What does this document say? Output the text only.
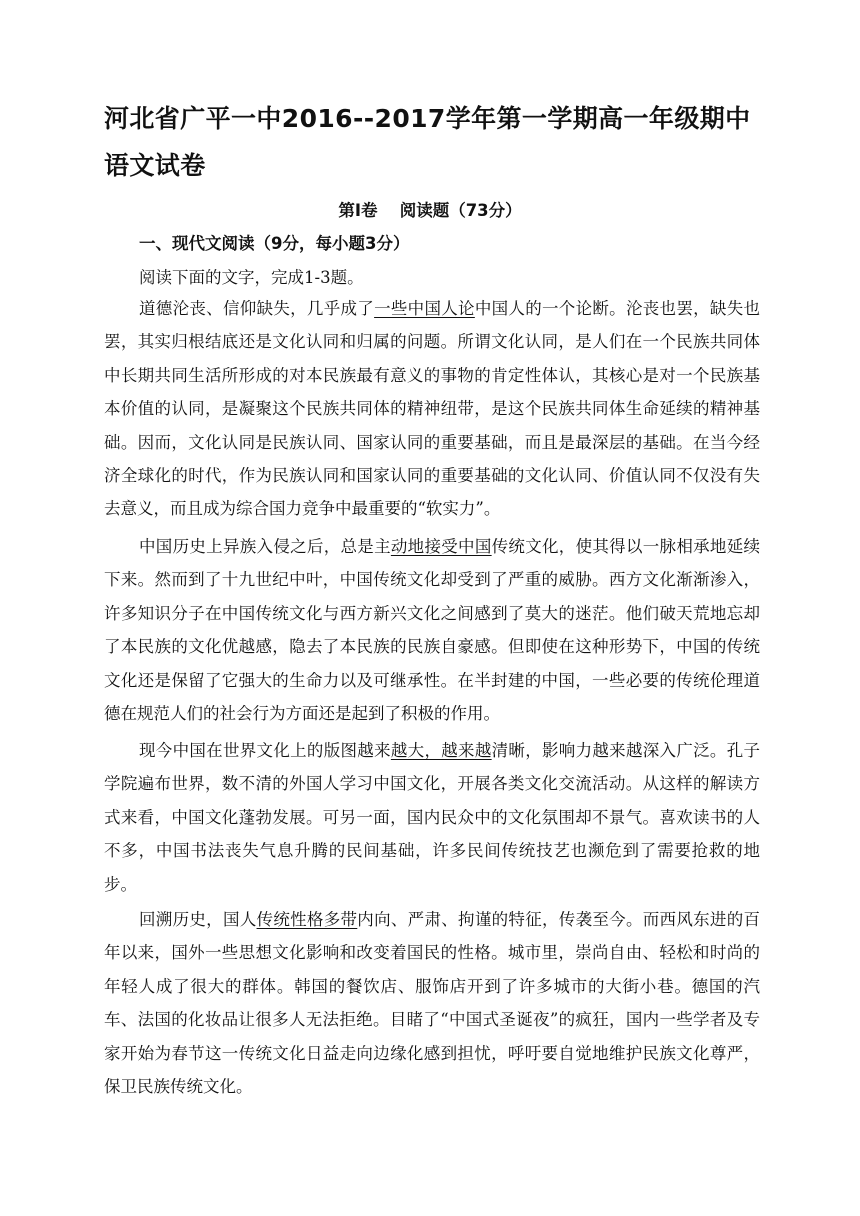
河北省广平一中2016--2017学年第一学期高一年级期中语文试卷
第Ⅰ卷　 阅读题（73分）
一、现代文阅读（9分，每小题3分）

阅读下面的文字，完成1-3题。

道德沦丧、信仰缺失，几乎成了一些中国人论中国人的一个论断。沦丧也罢，缺失也罢，其实归根结底还是文化认同和归属的问题。所谓文化认同，是人们在一个民族共同体中长期共同生活所形成的对本民族最有意义的事物的肯定性体认，其核心是对一个民族基本价值的认同，是凝聚这个民族共同体的精神纽带，是这个民族共同体生命延续的精神基础。因而，文化认同是民族认同、国家认同的重要基础，而且是最深层的基础。在当今经济全球化的时代，作为民族认同和国家认同的重要基础的文化认同、价值认同不仅没有失去意义，而且成为综合国力竞争中最重要的“软实力”。

中国历史上异族入侵之后，总是主动地接受中国传统文化，使其得以一脉相承地延续下来。然而到了十九世纪中叶，中国传统文化却受到了严重的威胁。西方文化渐渐渗入，许多知识分子在中国传统文化与西方新兴文化之间感到了莫大的迷茫。他们破天荒地忘却了本民族的文化优越感，隐去了本民族的民族自豪感。但即使在这种形势下，中国的传统文化还是保留了它强大的生命力以及可继承性。在半封建的中国，一些必要的传统伦理道德在规范人们的社会行为方面还是起到了积极的作用。

现今中国在世界文化上的版图越来越大，越来越清晰，影响力越来越深入广泛。孔子学院遍布世界，数不清的外国人学习中国文化，开展各类文化交流活动。从这样的解读方式来看，中国文化蓬勃发展。可另一面，国内民众中的文化氛围却不景气。喜欢读书的人不多，中国书法丧失气息升腾的民间基础，许多民间传统技艺也濒危到了需要抢救的地步。

回溯历史，国人传统性格多带内向、严肃、拘谨的特征，传袭至今。而西风东进的百年以来，国外一些思想文化影响和改变着国民的性格。城市里，崇尚自由、轻松和时尚的年轻人成了很大的群体。韩国的餐饮店、服饰店开到了许多城市的大街小巷。德国的汽车、法国的化妆品让很多人无法拒绝。目睹了“中国式圣诞夜”的疯狂，国内一些学者及专家开始为春节这一传统文化日益走向边缘化感到担忧，呼吁要自觉地维护民族文化尊严，保卫民族传统文化。
